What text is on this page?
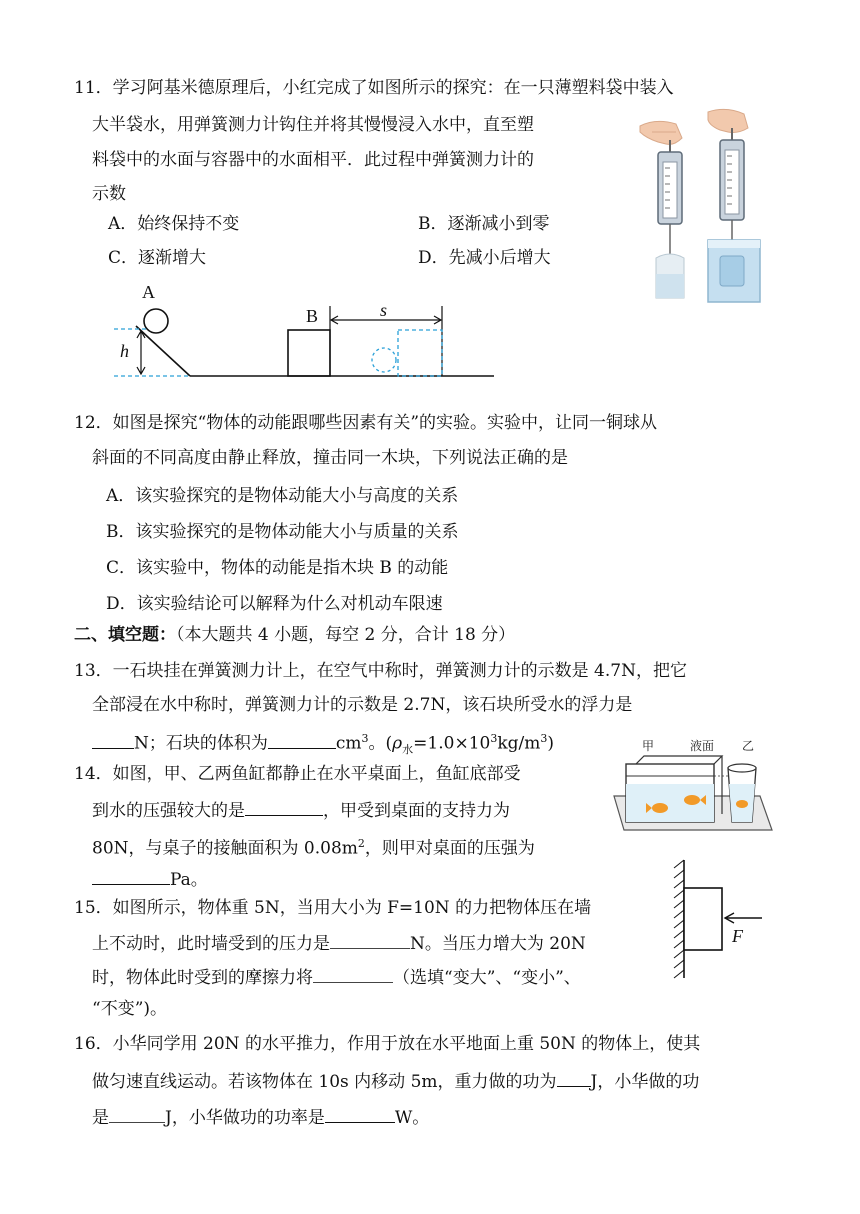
11．学习阿基米德原理后，小红完成了如图所示的探究：在一只薄塑料袋中装入
大半袋水，用弹簧测力计钩住并将其慢慢浸入水中，直至塑
料袋中的水面与容器中的水面相平．此过程中弹簧测力计的
示数
A．始终保持不变	B．逐渐减小到零
C．逐渐增大	D．先减小后增大
A
B	s
h
12．如图是探究“物体的动能跟哪些因素有关”的实验。实验中，让同一铜球从
斜面的不同高度由静止释放，撞击同一木块，下列说法正确的是
A．该实验探究的是物体动能大小与高度的关系
B．该实验探究的是物体动能大小与质量的关系
C．该实验中，物体的动能是指木块 B 的动能
D．该实验结论可以解释为什么对机动车限速
二、填空题：（本大题共 4 小题，每空 2 分，合计 18 分）
13．一石块挂在弹簧测力计上，在空气中称时，弹簧测力计的示数是 4.7N，把它
全部浸在水中称时，弹簧测力计的示数是 2.7N，该石块所受水的浮力是
N；石块的体积为	$cm^3$。$(\rho_水=1.0\times 10^3kg/m^3)$	甲	液面 乙
14．如图，甲、乙两鱼缸都静止在水平桌面上，鱼缸底部受
到水的压强较大的是	，甲受到桌面的支持力为
80N，与桌子的接触面积为 $0.08m^2$，则甲对桌面的压强为
Pa。
F
15．如图所示，物体重 5N，当用大小为 F=10N 的力把物体压在墙
上不动时，此时墙受到的压力是	N。当压力增大为 20N
时，物体此时受到的摩擦力将	（选填“变大”、“变小”、
“不变”)。
16．小华同学用 20N 的水平推力，作用于放在水平地面上重 50N 的物体上，使其
做匀速直线运动。若该物体在 10s 内移动 5m，重力做的功为 J，小华做的功
是	J，小华做功的功率是	W。
